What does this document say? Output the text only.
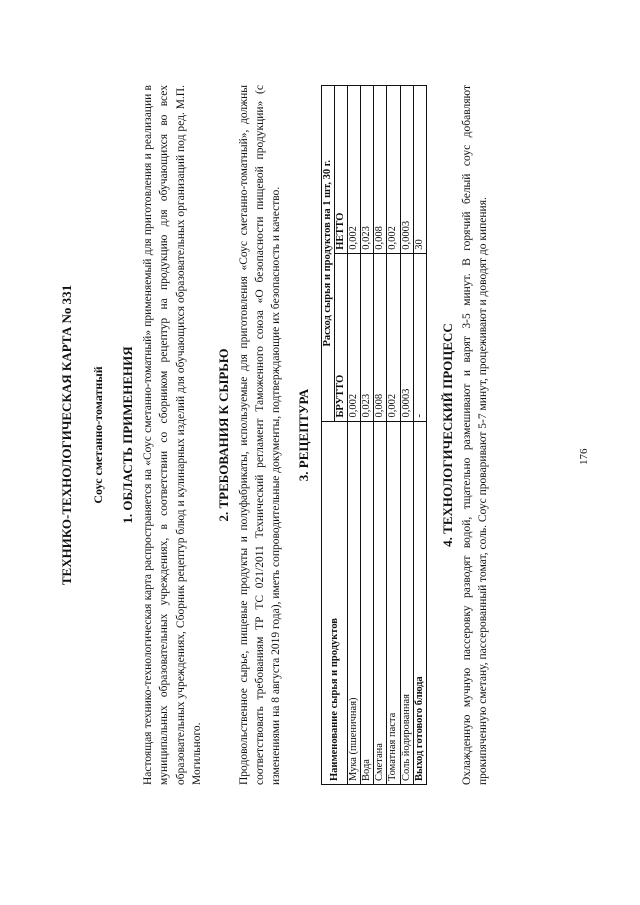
ТЕХНИКО-ТЕХНОЛОГИЧЕСКАЯ КАРТА No 331 Соус сметанно-томатный 1. ОБЛАСТЬ ПРИМЕНЕНИЯ Настоящая технико-технологическая карта распространяется на «Соус сметанно-томатный» применяемый для приготовления и реализации в муниципальных образовательных учреждениях, в соответствии со сборником рецептур на продукцию для обучающихся во всех образовательных учреждениях, Сборник рецептур блюд и кулинарных изделий для обучающихся образовательных организаций под ред. М.П. Могильного.

2. ТРЕБОВАНИЯ К СЫРЬЮ Продовольственное сырье, пищевые продукты и полуфабрикаты, используемые для приготовления «Соус сметанно-томатный», должны соответствовать требованиям ТР ТС 021/2011 Технический регламент Таможенного союза «О безопасности пищевой продукции» (с изменениями на 8 августа 2019 года), иметь сопроводительные документы, подтверждающие их безопасность и качество. 3. РЕЦЕПТУРА
Наименование сырья и продуктов	Расход сырья и продуктов на 1 шт, 30 г.	
	БРУТТО	НЕТТО
Мука (пшеничная)	0,002	0,002
Вода	0,023	0,023
Сметана	0,008	0,008
Томатная паста	0,002	0,002
Соль йодированная	0,0003	0,0003
Выход готового блюда	-	30
4. ТЕХНОЛОГИЧЕСКИЙ ПРОЦЕСС Охлажденную мучную пассеровку разводят водой, тщательно размешивают и варят 3-5 минут. В горячий белый соус добавляют прокипяченную сметану, пассерованный томат, соль. Соус проваривают 5-7 минут, процеживают и доводят до кипения.	176
